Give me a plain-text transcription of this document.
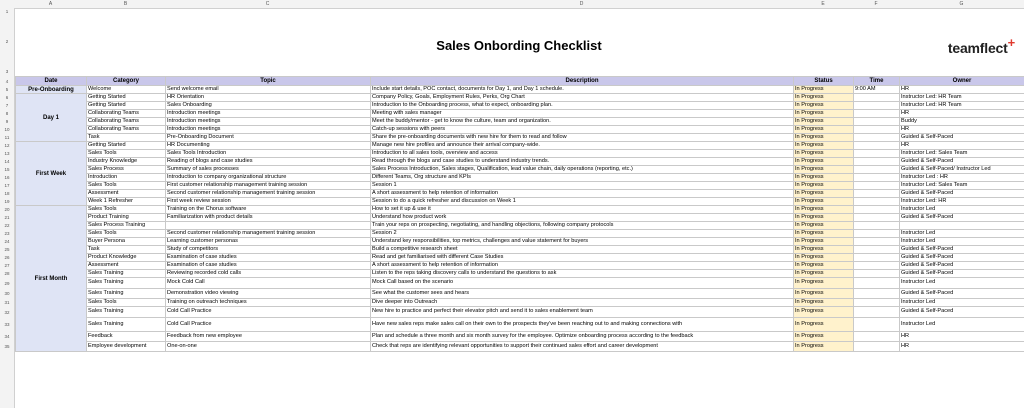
A	B	C	D	E	F	G
1
2
3
4
5
6
7
8
9
10
11
12
13
14
15
16
17
18
19
20
21
22
23
24
25
26
27
28
29
30
31
32
33
34
35
Sales Onbording Checklist	teamflect+
Date	Category	Topic	Description	Status	Time	Owner
Pre-Onboarding	Welcome	Send welcome email	Include start details, POC contact, documents for Day 1, and Day 1 schedule.	In Progress	9:00 AM	HR
Day 1	Getting Started	HR Orientation	Company Policy, Goals, Employment Rules, Perks, Org Chart	In Progress		Instructor Led: HR Team
	Getting Started	Sales Onboarding	Introduction to the Onboarding process, what to expect, onboarding plan.	In Progress		Instructor Led: HR Team
	Collaborating Teams	Introduction meetings	Meeting with sales manager	In Progress		HR
	Collaborating Teams	Introduction meetings	Meet the buddy/mentor - get to know the culture, team and organization.	In Progress		Buddy
	Collaborating Teams	Introduction meetings	Catch-up sessions with peers	In Progress		HR
	Task	Pre-Onboarding Document	Share the pre-onboarding documents with new hire for them to read and follow	In Progress		Guided & Self-Paced
First Week	Getting Started	HR Documenting	Manage new hire profiles and announce their arrival company-wide.	In Progress		HR
	Sales Tools	Sales Tools Introduction	Introduction to all sales tools, overview and access	In Progress		Instructor Led: Sales Team
	Industry Knowledge	Reading of blogs and case studies	Read through the blogs and case studies to understand industry trends.	In Progress		Guided & Self-Paced
	Sales Process	Summary of sales processes	Sales Process Introduction, Sales stages, Qualification, lead value chain, daily operations (reporting, etc.)	In Progress		Guided & Self-Paced/ Instructor Led
	Introduction	Introduction to company organizational structure	Different Teams, Org structure and KPIs	In Progress		Instructor Led : HR
	Sales Tools	First customer relationship management training session	Session 1	In Progress		Instructor Led: Sales Team
	Assessment	Second customer relationship management training session	A short assessment to help retention of information	In Progress		Guided & Self-Paced
	Week 1 Refresher	First week review session	Session to do a quick refresher and discussion on Week 1	In Progress		Instructor Led: HR
First Month	Sales Tools	Training on the Chorus software	How to set it up & use it	In Progress		Instructor Led
	Product Training	Familiarization with product details	Understand how product work	In Progress		Guided & Self-Paced
	Sales Process Training		Train your reps on prospecting, negotiating, and handling objections, following company protocols	In Progress		
	Sales Tools	Second customer relationship management training session	Session 2	In Progress		Instructor Led
	Buyer Persona	Learning customer personas	Understand key responsibilities, top metrics, challenges and value statement for buyers	In Progress		Instructor Led
	Task	Study of competitors	Build a competitive research sheet	In Progress		Guided & Self-Paced
	Product Knowledge	Examination of case studies	Read and get familiarised with different Case Studies	In Progress		Guided & Self-Paced
	Assessment	Examination of case studies	A short assessment to help retention of information	In Progress		Guided & Self-Paced
	Sales Training	Reviewing recorded cold calls	Listen to the reps taking discovery calls to understand the questions to ask	In Progress		Guided & Self-Paced
	Sales Training	Mock Cold Call	Mock Call based on the scenario	In Progress		Instructor Led
	Sales Training	Demonstration video viewing	See what the customer sees and hears	In Progress		Guided & Self-Paced
	Sales Tools	Training on outreach techniques	Dive deeper into Outreach	In Progress		Instructor Led
	Sales Training	Cold Call Practice	New hire to practice and perfect their elevator pitch and send it to sales enablement team	In Progress		Guided & Self-Paced
	Sales Training	Cold Call Practice	Have new sales reps make sales call on their own to the prospects they've been reaching out to and making connections with	In Progress		Instructor Led
	Feedback	Feedback from new employee	Plan and schedule a three month and six month survey for the employee. Optimize onboarding process according to the feedback	In Progress		HR
	Employee development	One-on-one	Check that reps are identifying relevant opportunities to support their continued sales effort and career development	In Progress		HR
